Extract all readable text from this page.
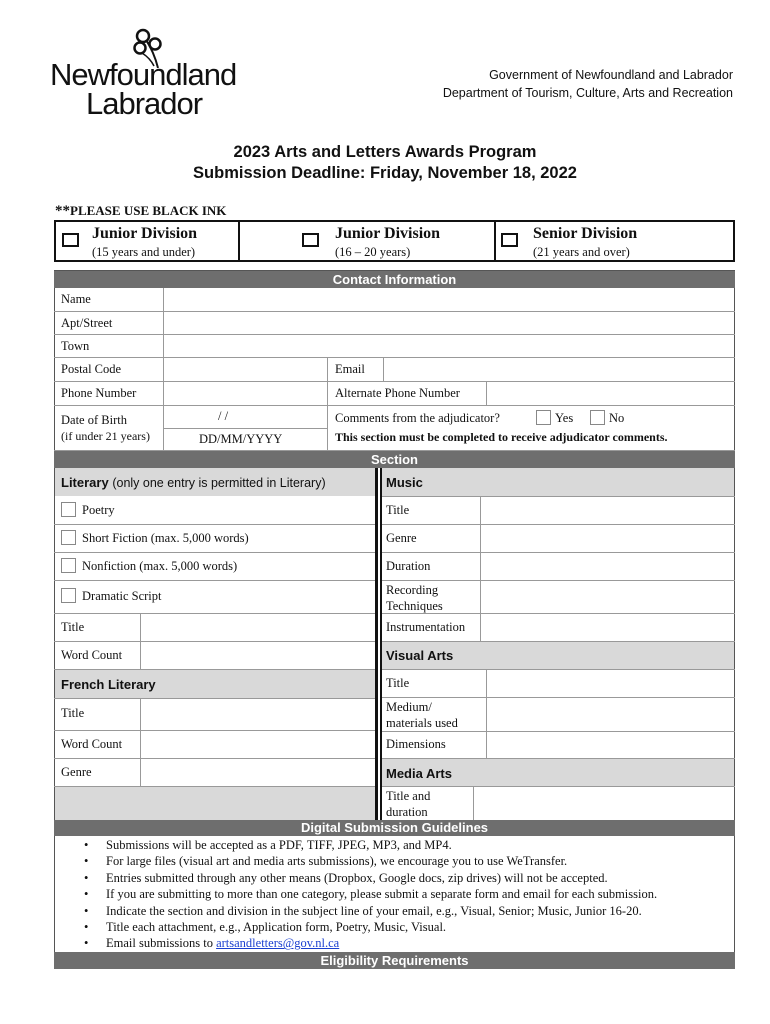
Newfoundland
Labrador
Government of Newfoundland and Labrador
Department of Tourism, Culture, Arts and Recreation
2023 Arts and Letters Awards Program
Submission Deadline: Friday, November 18, 2022
**PLEASE USE BLACK INK
Junior Division
(15 years and under)
Junior Division
(16 – 20 years)
Senior Division
(21 years and over)
Contact Information
Name
Apt/Street
Town
Postal Code	Email
Phone Number	Alternate Phone Number
Date of Birth
(if under 21 years)
/ /
DD/MM/YYYY
Comments from the adjudicator?	Yes	No
This section must be completed to receive adjudicator comments.
Section
Literary (only one entry is permitted in Literary)
Poetry
Short Fiction (max. 5,000 words)
Nonfiction (max. 5,000 words)
Dramatic Script
Title
Word Count
French Literary
Title
Word Count
Genre
Music
Title
Genre
Duration
Recording Techniques
Instrumentation
Visual Arts
Title
Medium/ materials used
Dimensions
Media Arts
Title and duration
Digital Submission Guidelines
• Submissions will be accepted as a PDF, TIFF, JPEG, MP3, and MP4.
• For large files (visual art and media arts submissions), we encourage you to use WeTransfer.
• Entries submitted through any other means (Dropbox, Google docs, zip drives) will not be accepted.
• If you are submitting to more than one category, please submit a separate form and email for each submission.
• Indicate the section and division in the subject line of your email, e.g., Visual, Senior; Music, Junior 16-20.
• Title each attachment, e.g., Application form, Poetry, Music, Visual.
• Email submissions to artsandletters@gov.nl.ca
Eligibility Requirements
